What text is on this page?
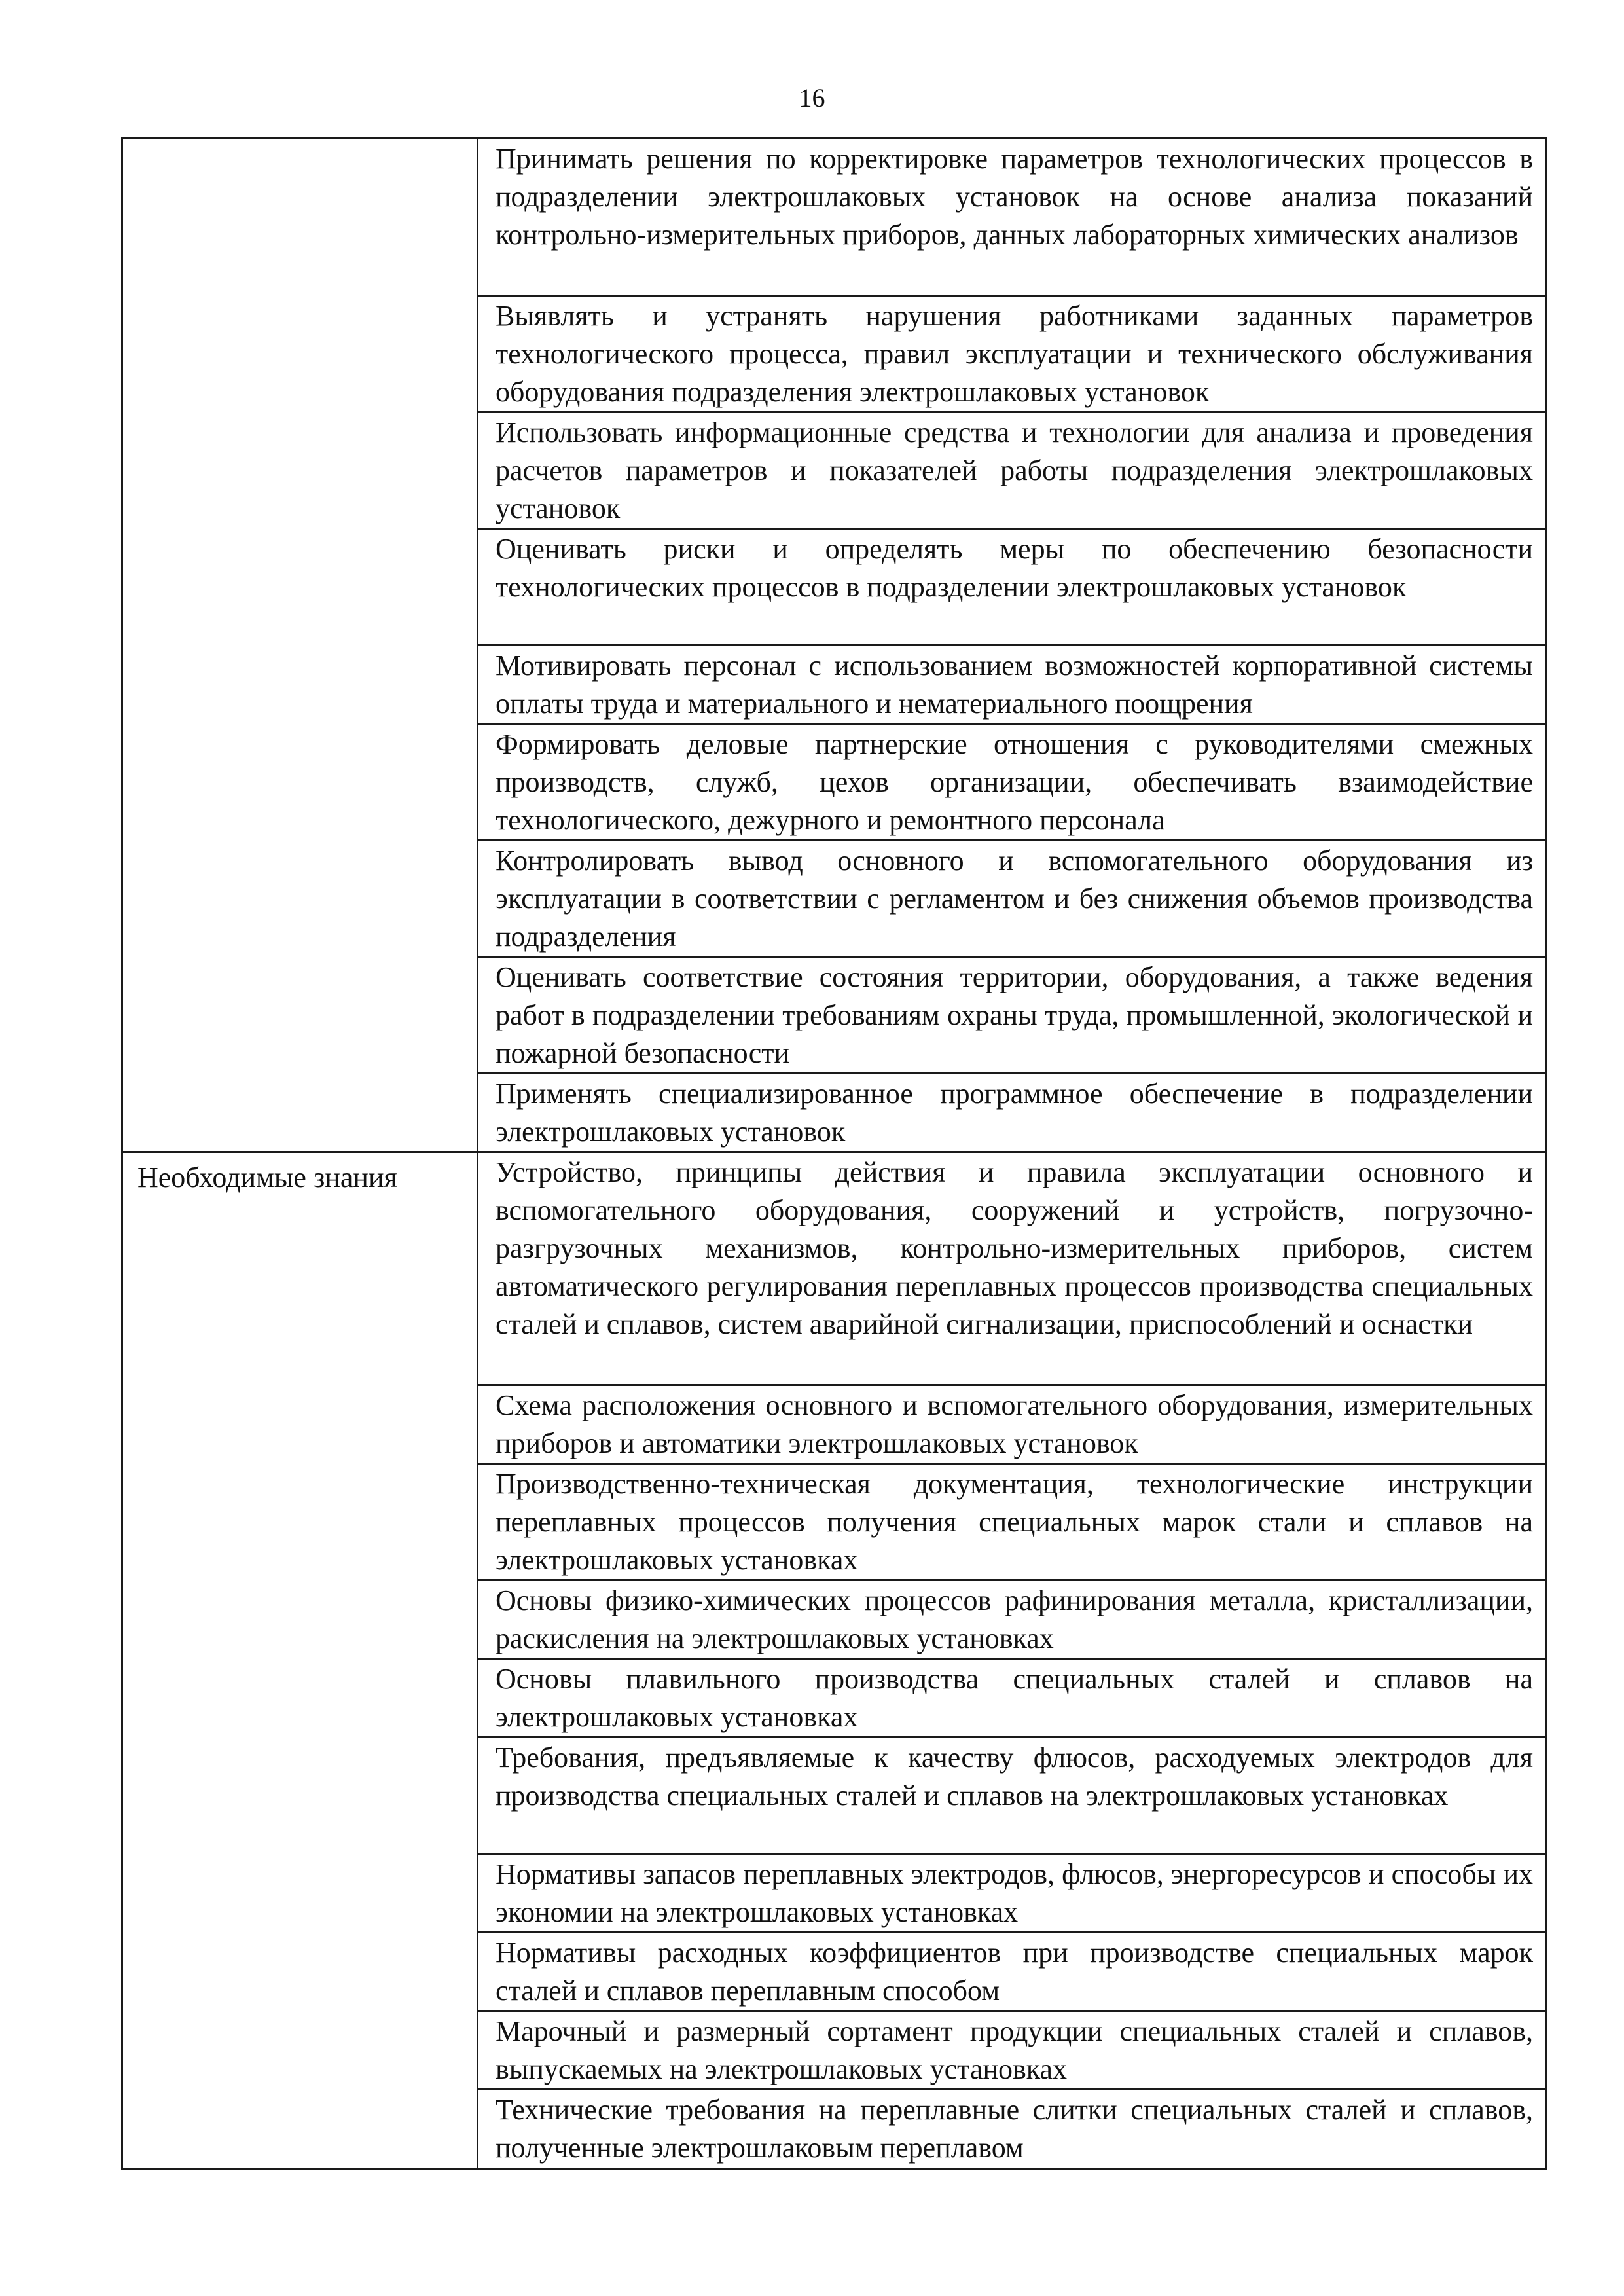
16
	Принимать решения по корректировке параметров технологических процессов в подразделении электрошлаковых установок на основе анализа показаний контрольно-измерительных приборов, данных лабораторных химических анализов
	Выявлять и устранять нарушения работниками заданных параметров технологического процесса, правил эксплуатации и технического обслуживания оборудования подразделения электрошлаковых установок
	Использовать информационные средства и технологии для анализа и проведения расчетов параметров и показателей работы подразделения электрошлаковых установок
	Оценивать риски и определять меры по обеспечению безопасности технологических процессов в подразделении электрошлаковых установок
	Мотивировать персонал с использованием возможностей корпоративной системы оплаты труда и материального и нематериального поощрения
	Формировать деловые партнерские отношения с руководителями смежных производств, служб, цехов организации, обеспечивать взаимодействие технологического, дежурного и ремонтного персонала
	Контролировать вывод основного и вспомогательного оборудования из эксплуатации в соответствии с регламентом и без снижения объемов производства подразделения
	Оценивать соответствие состояния территории, оборудования, а также ведения работ в подразделении требованиям охраны труда, промышленной, экологической и пожарной безопасности
	Применять специализированное программное обеспечение в подразделении электрошлаковых установок
Необходимые знания	Устройство, принципы действия и правила эксплуатации основного и вспомогательного оборудования, сооружений и устройств, погрузочно-разгрузочных механизмов, контрольно-измерительных приборов, систем автоматического регулирования переплавных процессов производства специальных сталей и сплавов, систем аварийной сигнализации, приспособлений и оснастки
	Схема расположения основного и вспомогательного оборудования, измерительных приборов и автоматики электрошлаковых установок
	Производственно-техническая документация, технологические инструкции переплавных процессов получения специальных марок стали и сплавов на электрошлаковых установках
	Основы физико-химических процессов рафинирования металла, кристаллизации, раскисления на электрошлаковых установках
	Основы плавильного производства специальных сталей и сплавов на электрошлаковых установках
	Требования, предъявляемые к качеству флюсов, расходуемых электродов для производства специальных сталей и сплавов на электрошлаковых установках
	Нормативы запасов переплавных электродов, флюсов, энергоресурсов и способы их экономии на электрошлаковых установках
	Нормативы расходных коэффициентов при производстве специальных марок сталей и сплавов переплавным способом
	Марочный и размерный сортамент продукции специальных сталей и сплавов, выпускаемых на электрошлаковых установках
	Технические требования на переплавные слитки специальных сталей и сплавов, полученные электрошлаковым переплавом
